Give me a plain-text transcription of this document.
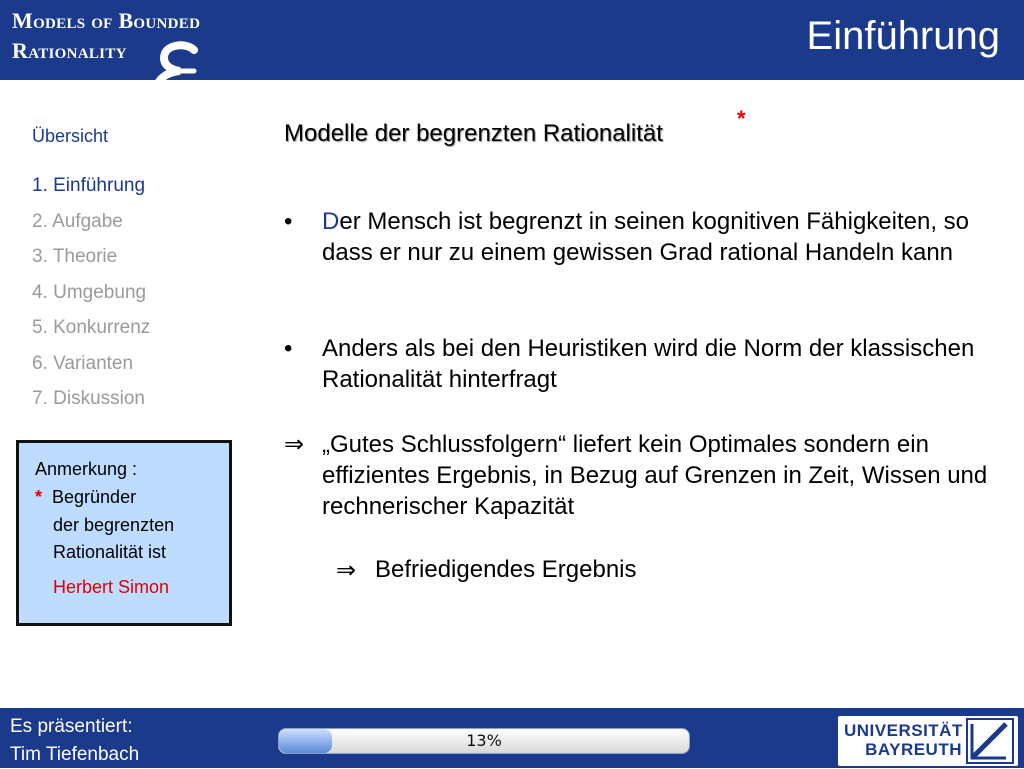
Models of Bounded
Rationality	Einführung
Übersicht
1. Einführung
2. Aufgabe
3. Theorie
4. Umgebung
5. Konkurrenz
6. Varianten
7. Diskussion
Anmerkung :
* Begründer
der begrenzten
Rationalität ist
Herbert Simon
Modelle der begrenzten Rationalität
*
• Der Mensch ist begrenzt in seinen kognitiven Fähigkeiten, so dass er nur zu einem gewissen Grad rational Handeln kann
• Anders als bei den Heuristiken wird die Norm der klassischen Rationalität hinterfragt
⇒ „Gutes Schlussfolgern“ liefert kein Optimales sondern ein effizientes Ergebnis, in Bezug auf Grenzen in Zeit, Wissen und rechnerischer Kapazität
⇒ Befriedigendes Ergebnis
Es präsentiert:
Tim Tiefenbach
13%
UNIVERSITÄT
BAYREUTH
